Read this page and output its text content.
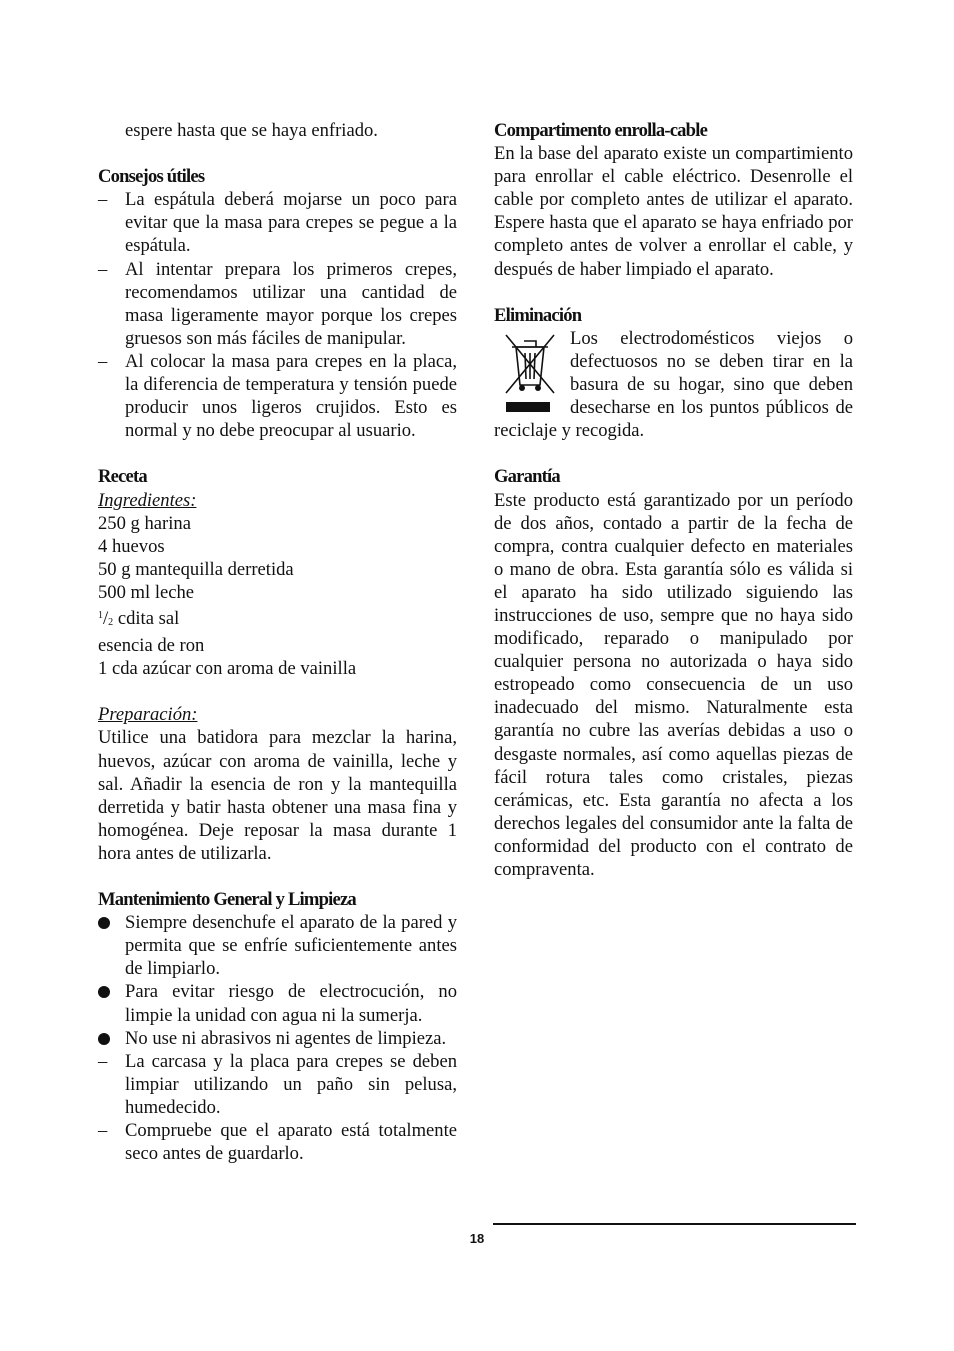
espere hasta que se haya enfriado.

Consejos útiles

– La espátula deberá mojarse un poco para evitar que la masa para crepes se pegue a la espátula.
– Al intentar prepara los primeros crepes, recomendamos utilizar una cantidad de masa ligeramente mayor porque los crepes gruesos son más fáciles de manipular.
– Al colocar la masa para crepes en la placa, la diferencia de temperatura y tensión puede producir unos ligeros crujidos. Esto es normal y no debe preocupar al usuario.

Receta

Ingredientes:
250 g harina
4 huevos
50 g mantequilla derretida
500 ml leche
$^1/_2$ cdita sal
esencia de ron
1 cda azúcar con aroma de vainilla
Preparación:

Utilice una batidora para mezclar la harina, huevos, azúcar con aroma de vainilla, leche y sal. Añadir la esencia de ron y la mantequilla derretida y batir hasta obtener una masa fina y homogénea. Deje reposar la masa durante 1 hora antes de utilizarla.

Mantenimiento General y Limpieza

Siempre desenchufe el aparato de la pared y permita que se enfríe suficientemente antes de limpiarlo.
Para evitar riesgo de electrocución, no limpie la unidad con agua ni la sumerja.
No use ni abrasivos ni agentes de limpieza.
– La carcasa y la placa para crepes se deben limpiar utilizando un paño sin pelusa, humedecido.
– Compruebe que el aparato está totalmente seco antes de guardarlo.

Compartimento enrolla-cable

En la base del aparato existe un compartimiento para enrollar el cable eléctrico. Desenrolle el cable por completo antes de utilizar el aparato. Espere hasta que el aparato se haya enfriado por completo antes de volver a enrollar el cable, y después de haber limpiado el aparato.

Eliminación

Los electrodomésticos viejos o defectuosos no se deben tirar en la basura de su hogar, sino que deben desecharse en los puntos públicos de reciclaje y recogida.

Garantía

Este producto está garantizado por un período de dos años, contado a partir de la fecha de compra, contra cualquier defecto en materiales o mano de obra. Esta garantía sólo es válida si el aparato ha sido utilizado siguiendo las instrucciones de uso, sempre que no haya sido modificado, reparado o manipulado por cualquier persona no autorizada o haya sido estropeado como consecuencia de un uso inadecuado del mismo. Naturalmente esta garantía no cubre las averías debidas a uso o desgaste normales, así como aquellas piezas de fácil rotura tales como cristales, piezas cerámicas, etc. Esta garantía no afecta a los derechos legales del consumidor ante la falta de conformidad del producto con el contrato de compraventa.

18
